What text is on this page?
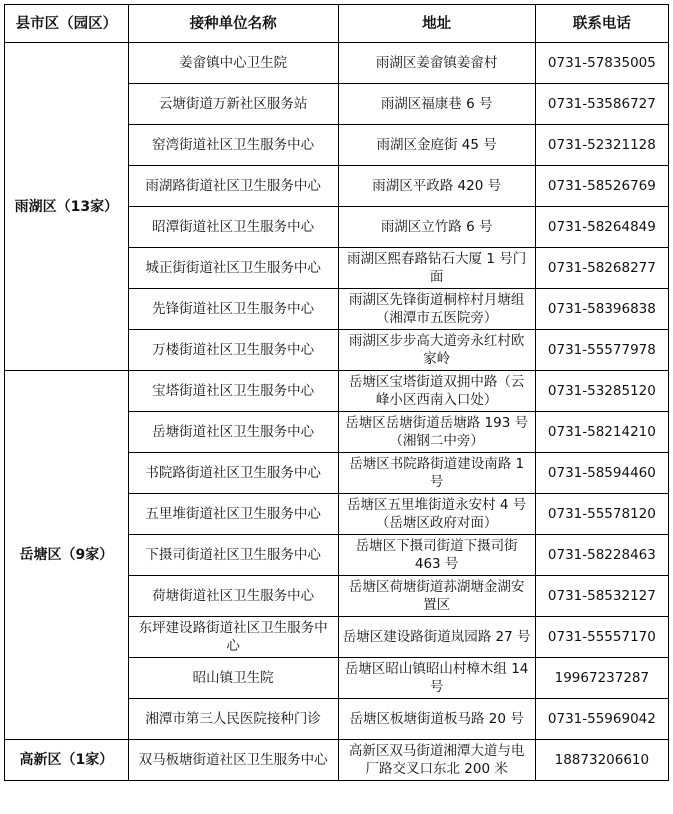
县市区（园区）	接种单位名称	地址	联系电话
雨湖区（13家）	姜畲镇中心卫生院	雨湖区姜畲镇姜畲村	0731-57835005
	云塘街道万新社区服务站	雨湖区福康巷 6 号	0731-53586727
	窑湾街道社区卫生服务中心	雨湖区金庭街 45 号	0731-52321128
	雨湖路街道社区卫生服务中心	雨湖区平政路 420 号	0731-58526769
	昭潭街道社区卫生服务中心	雨湖区立竹路 6 号	0731-58264849
	城正街街道社区卫生服务中心	雨湖区熙春路钻石大厦 1 号门面	0731-58268277
	先锋街道社区卫生服务中心	雨湖区先锋街道桐梓村月塘组（湘潭市五医院旁）	0731-58396838
	万楼街道社区卫生服务中心	雨湖区步步高大道旁永红村欧家岭	0731-55577978
岳塘区（9家）	宝塔街道社区卫生服务中心	岳塘区宝塔街道双拥中路（云峰小区西南入口处）	0731-53285120
	岳塘街道社区卫生服务中心	岳塘区岳塘街道岳塘路 193 号（湘钢二中旁）	0731-58214210
	书院路街道社区卫生服务中心	岳塘区书院路街道建设南路 1 号	0731-58594460
	五里堆街道社区卫生服务中心	岳塘区五里堆街道永安村 4 号（岳塘区政府对面）	0731-55578120
	下摄司街道社区卫生服务中心	岳塘区下摄司街道下摄司街 463 号	0731-58228463
	荷塘街道社区卫生服务中心	岳塘区荷塘街道荪湖塘金湖安置区	0731-58532127
	东坪建设路街道社区卫生服务中心	岳塘区建设路街道岚园路 27 号	0731-55557170
	昭山镇卫生院	岳塘区昭山镇昭山村樟木组 14 号	19967237287
	湘潭市第三人民医院接种门诊	岳塘区板塘街道板马路 20 号	0731-55969042
高新区（1家）	双马板塘街道社区卫生服务中心	高新区双马街道湘潭大道与电厂路交叉口东北 200 米	18873206610
